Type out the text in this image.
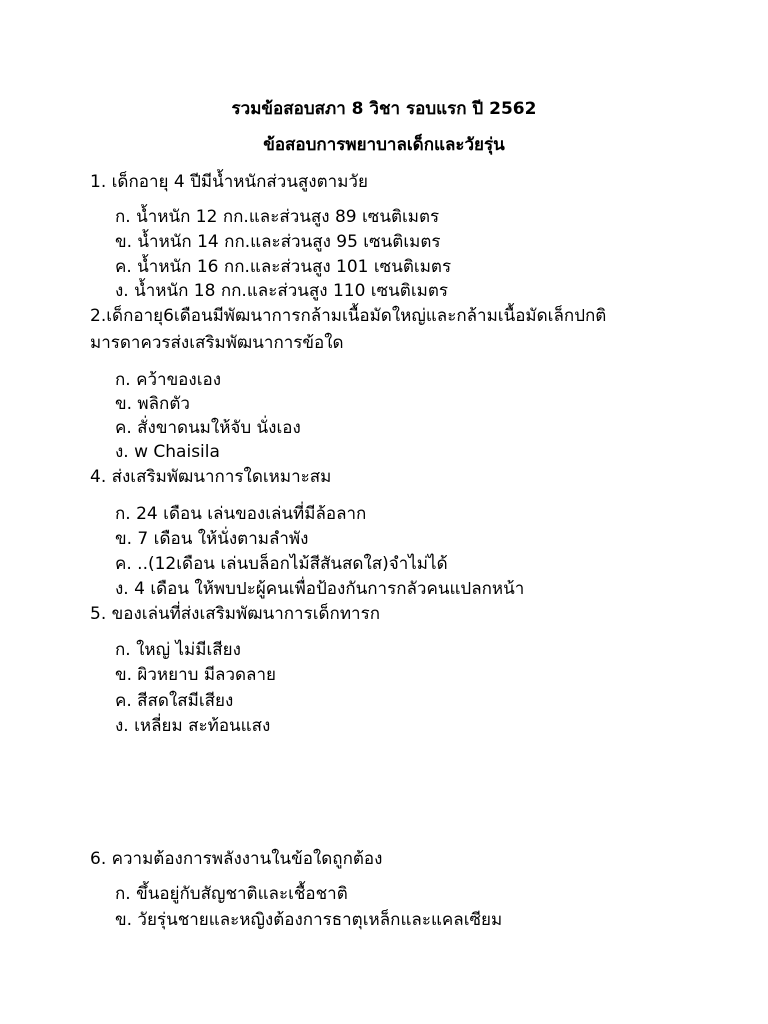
รวมข้อสอบสภา 8 วิชา รอบแรก ปี 2562
ข้อสอบการพยาบาลเด็กและวัยรุ่น
1. เด็กอายุ 4 ปีมีน้ำหนักส่วนสูงตามวัย
ก. น้ำหนัก 12 กก.และส่วนสูง 89 เซนติเมตร
ข. น้ำหนัก 14 กก.และส่วนสูง 95 เซนติเมตร
ค. น้ำหนัก 16 กก.และส่วนสูง 101 เซนติเมตร
ง. น้ำหนัก 18 กก.และส่วนสูง 110 เซนติเมตร
2.เด็กอายุ6เดือนมีพัฒนาการกล้ามเนื้อมัดใหญ่และกล้ามเนื้อมัดเล็กปกติ
มารดาควรส่งเสริมพัฒนาการข้อใด
ก. คว้าของเอง
ข. พลิกตัว
ค. สั่งขาดนมให้จับ นั่งเอง
ง. w Chaisila
4. ส่งเสริมพัฒนาการใดเหมาะสม
ก. 24 เดือน เล่นของเล่นที่มีล้อลาก
ข. 7 เดือน ให้นั่งตามลำพัง
ค. ..(12เดือน เล่นบล็อกไม้สีสันสดใส)จำไม่ได้
ง. 4 เดือน ให้พบปะผู้คนเพื่อป้องกันการกลัวคนแปลกหน้า
5. ของเล่นที่ส่งเสริมพัฒนาการเด็กทารก
ก. ใหญ่ ไม่มีเสียง
ข. ผิวหยาบ มีลวดลาย
ค. สีสดใสมีเสียง
ง. เหลี่ยม สะท้อนแสง
6. ความต้องการพลังงานในข้อใดถูกต้อง
ก. ขึ้นอยู่กับสัญชาติและเชื้อชาติ
ข. วัยรุ่นชายและหญิงต้องการธาตุเหล็กและแคลเซียม
